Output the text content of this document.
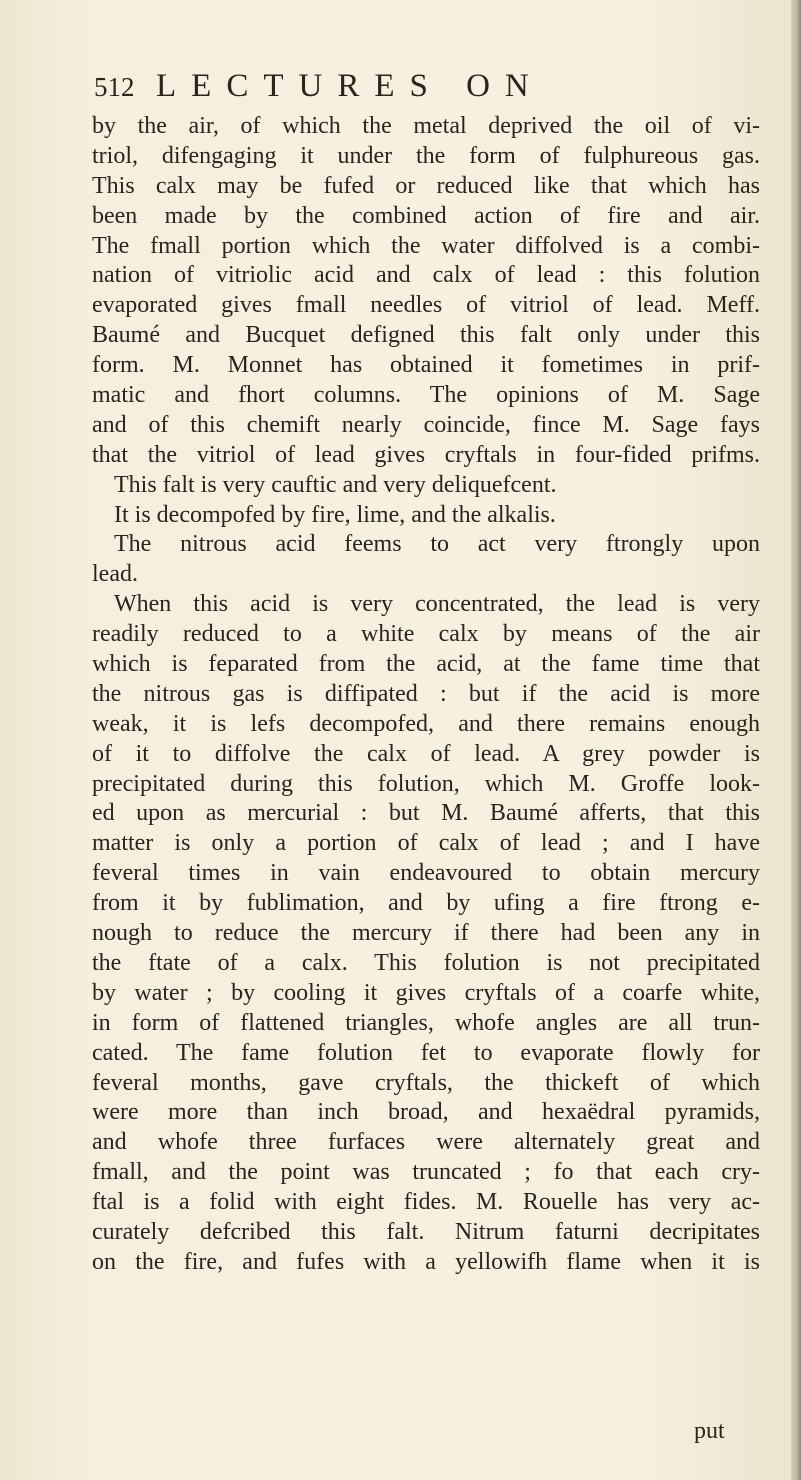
512 LECTURES ON
by the air, of which the metal deprived the oil of vi-
triol, difengaging it under the form of fulphureous gas.
This calx may be fufed or reduced like that which has
been made by the combined action of fire and air.
The fmall portion which the water diffolved is a combi-
nation of vitriolic acid and calx of lead : this folution
evaporated gives fmall needles of vitriol of lead. Meff.
Baumé and Bucquet defigned this falt only under this
form. M. Monnet has obtained it fometimes in prif-
matic and fhort columns. The opinions of M. Sage
and of this chemift nearly coincide, fince M. Sage fays
that the vitriol of lead gives cryftals in four-fided prifms.
This falt is very cauftic and very deliquefcent.
It is decompofed by fire, lime, and the alkalis.
The nitrous acid feems to act very ftrongly upon
lead.
When this acid is very concentrated, the lead is very
readily reduced to a white calx by means of the air
which is feparated from the acid, at the fame time that
the nitrous gas is diffipated : but if the acid is more
weak, it is lefs decompofed, and there remains enough
of it to diffolve the calx of lead. A grey powder is
precipitated during this folution, which M. Groffe look-
ed upon as mercurial : but M. Baumé afferts, that this
matter is only a portion of calx of lead ; and I have
feveral times in vain endeavoured to obtain mercury
from it by fublimation, and by ufing a fire ftrong e-
nough to reduce the mercury if there had been any in
the ftate of a calx. This folution is not precipitated
by water ; by cooling it gives cryftals of a coarfe white,
in form of flattened triangles, whofe angles are all trun-
cated. The fame folution fet to evaporate flowly for
feveral months, gave cryftals, the thickeft of which
were more than inch broad, and hexaëdral pyramids,
and whofe three furfaces were alternately great and
fmall, and the point was truncated ; fo that each cry-
ftal is a folid with eight fides. M. Rouelle has very ac-
curately defcribed this falt. Nitrum faturni decripitates
on the fire, and fufes with a yellowifh flame when it is
put
